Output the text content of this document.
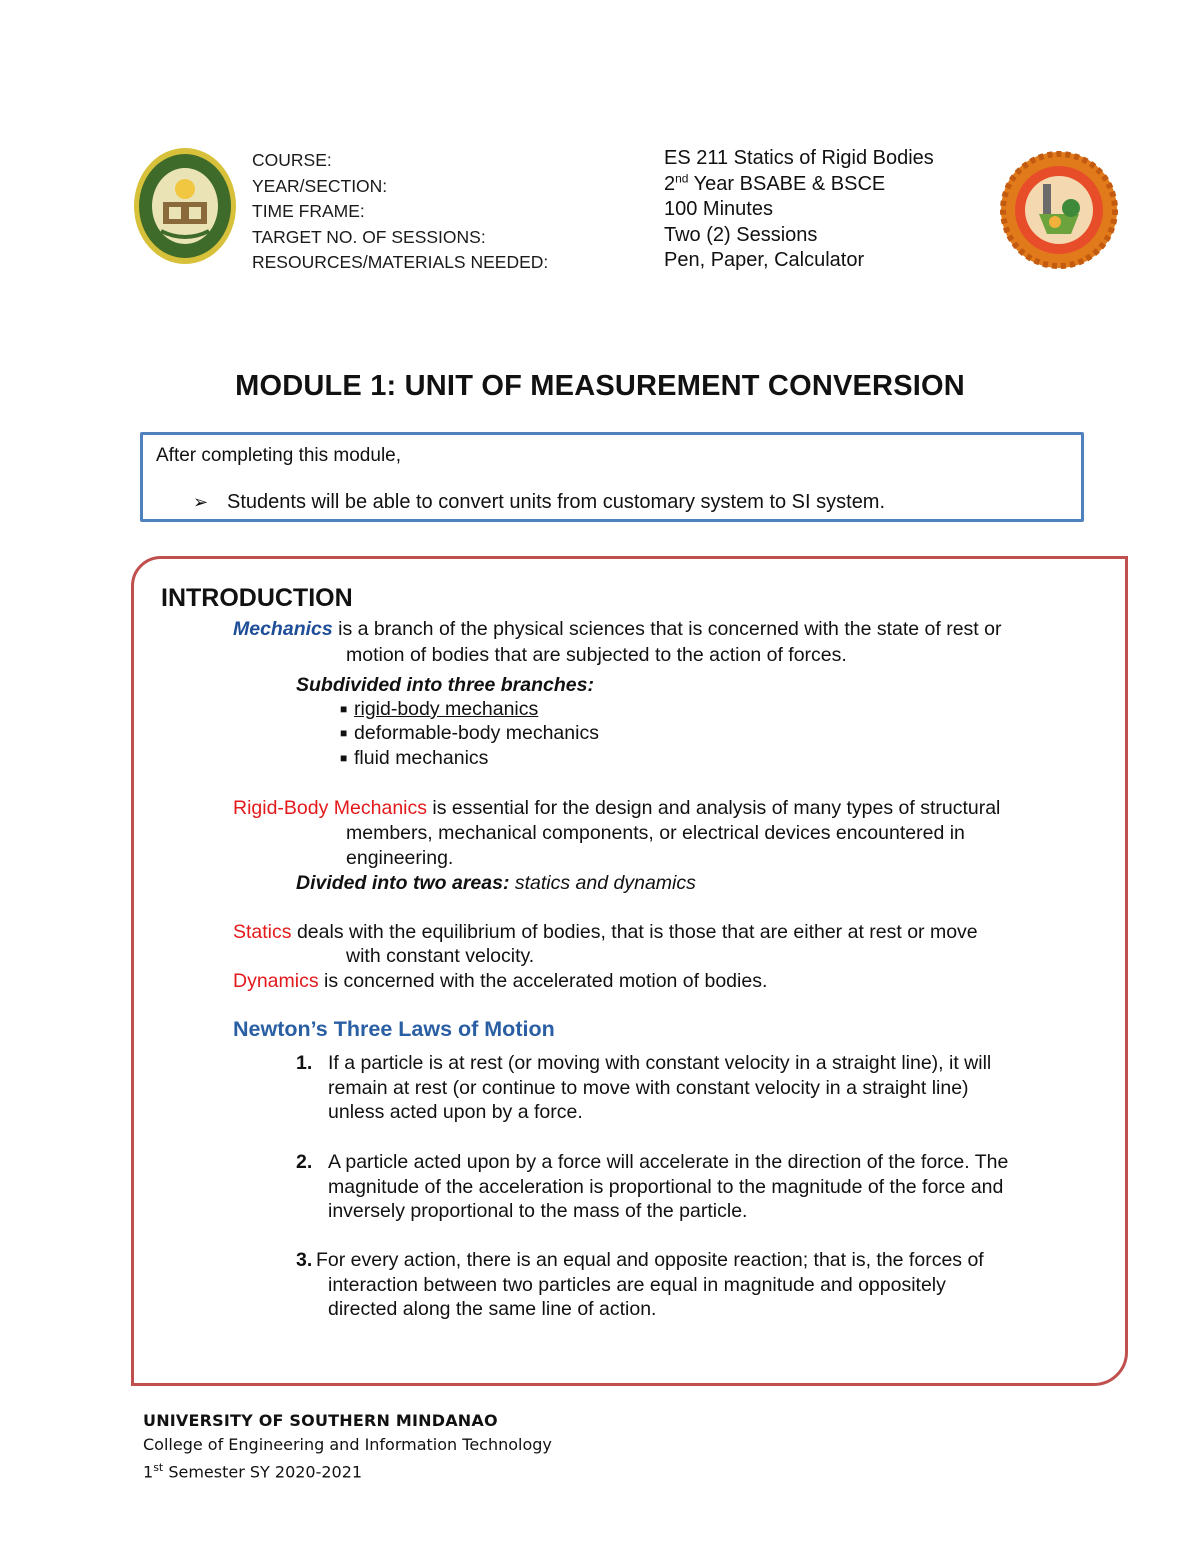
COURSE:
YEAR/SECTION:
TIME FRAME:
TARGET NO. OF SESSIONS:
RESOURCES/MATERIALS NEEDED:
ES 211 Statics of Rigid Bodies
2nd Year BSABE & BSCE
100 Minutes
Two (2) Sessions
Pen, Paper, Calculator
MODULE 1: UNIT OF MEASUREMENT CONVERSION
After completing this module,
➢ Students will be able to convert units from customary system to SI system.
INTRODUCTION
Mechanics is a branch of the physical sciences that is concerned with the state of rest or
motion of bodies that are subjected to the action of forces.
Subdivided into three branches:
■ rigid-body mechanics
■ deformable-body mechanics
■ fluid mechanics
Rigid-Body Mechanics is essential for the design and analysis of many types of structural
members, mechanical components, or electrical devices encountered in
engineering.
Divided into two areas: statics and dynamics
Statics deals with the equilibrium of bodies, that is those that are either at rest or move
with constant velocity.
Dynamics is concerned with the accelerated motion of bodies.
Newton’s Three Laws of Motion
1. If a particle is at rest (or moving with constant velocity in a straight line), it will
remain at rest (or continue to move with constant velocity in a straight line)
unless acted upon by a force.
2. A particle acted upon by a force will accelerate in the direction of the force. The
magnitude of the acceleration is proportional to the magnitude of the force and
inversely proportional to the mass of the particle.
3. For every action, there is an equal and opposite reaction; that is, the forces of
interaction between two particles are equal in magnitude and oppositely
directed along the same line of action.
UNIVERSITY OF SOUTHERN MINDANAO
College of Engineering and Information Technology
1st Semester SY 2020-2021
